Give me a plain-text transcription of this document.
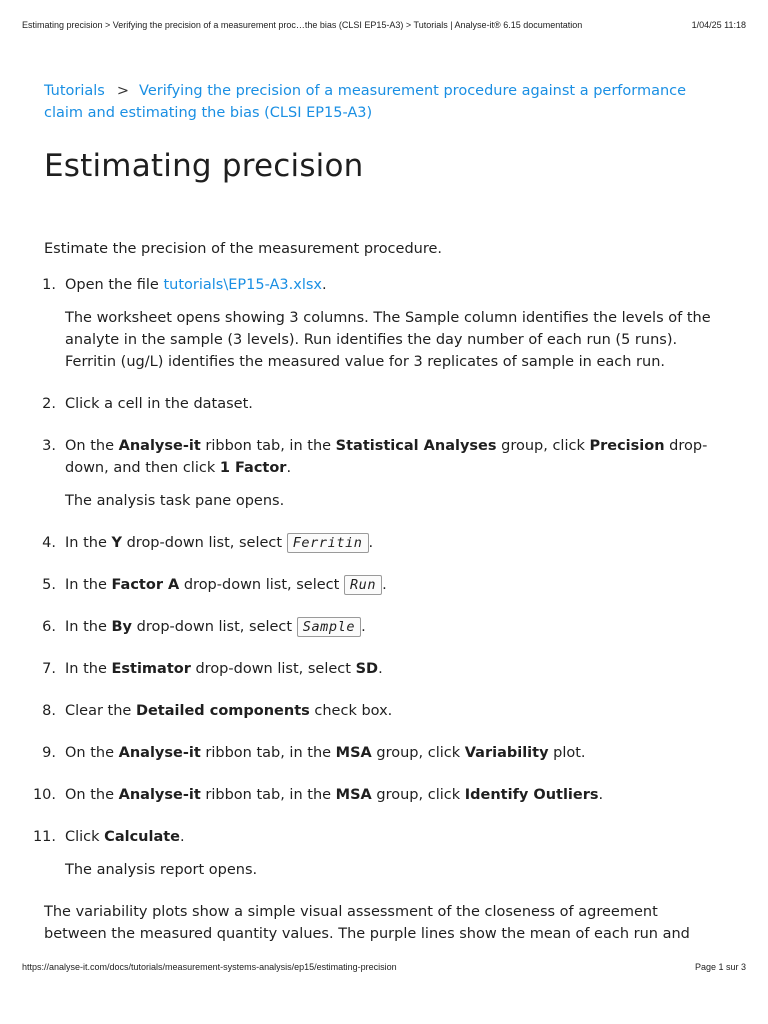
Estimating precision > Verifying the precision of a measurement proc…the bias (CLSI EP15-A3) > Tutorials | Analyse-it® 6.15 documentation	1/04/25 11:18
Tutorials > Verifying the precision of a measurement procedure against a performance claim and estimating the bias (CLSI EP15-A3)
Estimating precision
Estimate the precision of the measurement procedure.
1. Open the file tutorials\EP15-A3.xlsx.

The worksheet opens showing 3 columns. The Sample column identifies the levels of the analyte in the sample (3 levels). Run identifies the day number of each run (5 runs). Ferritin (ug/L) identifies the measured value for 3 replicates of sample in each run.

2. Click a cell in the dataset.

3. On the Analyse-it ribbon tab, in the Statistical Analyses group, click Precision drop-down, and then click 1 Factor.

The analysis task pane opens.

4. In the Y drop-down list, select Ferritin .

5. In the Factor A drop-down list, select Run .

6. In the By drop-down list, select Sample .

7. In the Estimator drop-down list, select SD.

8. Clear the Detailed components check box.

9. On the Analyse-it ribbon tab, in the MSA group, click Variability plot.

10. On the Analyse-it ribbon tab, in the MSA group, click Identify Outliers.

11. Click Calculate.

The analysis report opens.

The variability plots show a simple visual assessment of the closeness of agreement between the measured quantity values. The purple lines show the mean of each run and
https://analyse-it.com/docs/tutorials/measurement-systems-analysis/ep15/estimating-precision	Page 1 sur 3
